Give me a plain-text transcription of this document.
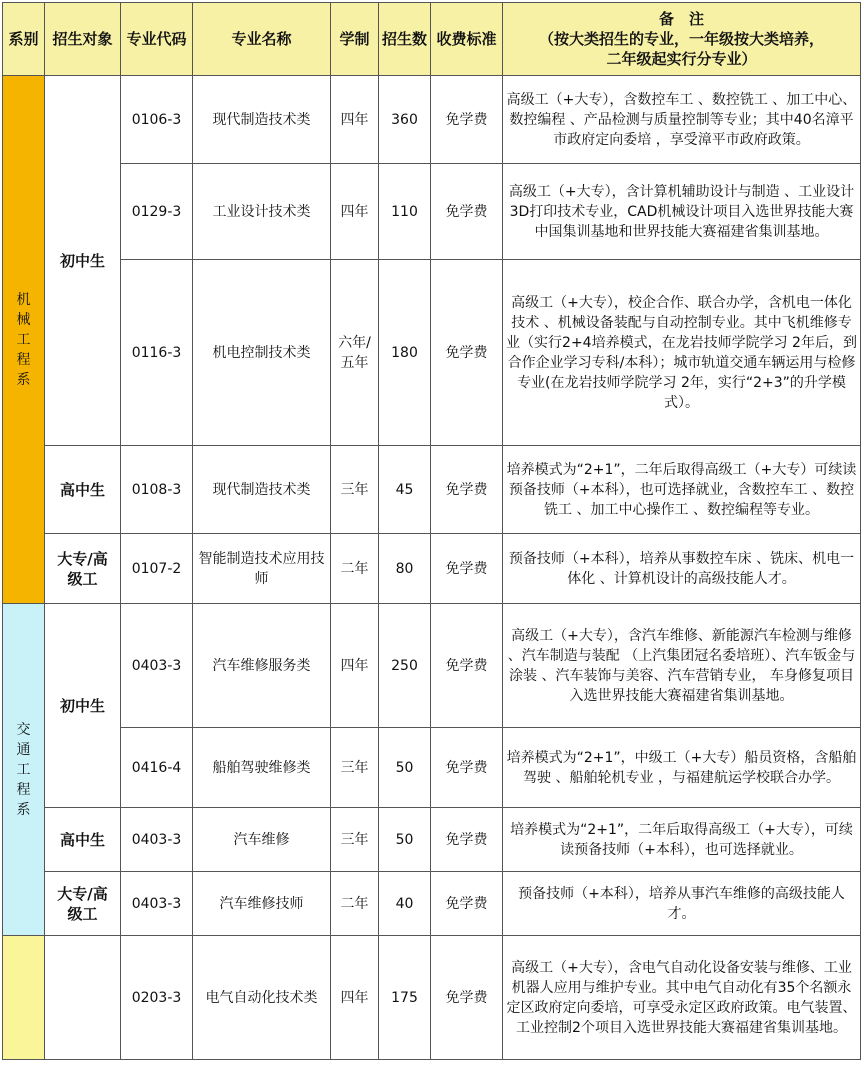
系别	招生对象	专业代码	专业名称	学制	招生数	收费标准	备　注
（按大类招生的专业，一年级按大类培养，
二年级起实行分专业）

机械工程系	初中生	0106-3	现代制造技术类	四年	360	免学费	高级工（+大专），含数控车工 、数控铣工 、加工中心、数控编程 、产品检测与质量控制等专业；其中40名漳平市政府定向委培 ，享受漳平市政府政策。
		0129-3	工业设计技术类	四年	110	免学费	高级工（+大专），含计算机辅助设计与制造 、工业设计3D打印技术专业，CAD机械设计项目入选世界技能大赛中国集训基地和世界技能大赛福建省集训基地。
		0116-3	机电控制技术类	六年/五年	180	免学费	高级工（+大专），校企合作、联合办学，含机电一体化技术 、机械设备装配与自动控制专业。其中飞机维修专业（实行2+4培养模式，在龙岩技师学院学习 2年后，到合作企业学习专科/本科）；城市轨道交通车辆运用与检修专业(在龙岩技师学院学习 2年，实行“2+3”的升学模式）。
	高中生	0108-3	现代制造技术类	三年	45	免学费	培养模式为“2+1”，二年后取得高级工（+大专）可续读预备技师（+本科），也可选择就业，含数控车工 、数控铣工 、加工中心操作工 、数控编程等专业。
	大专/高级工	0107-2	智能制造技术应用技师	二年	80	免学费	预备技师（+本科），培养从事数控车床 、铣床、机电一体化 、计算机设计的高级技能人才。
交通工程系	初中生	0403-3	汽车维修服务类	四年	250	免学费	高级工（+大专），含汽车维修、新能源汽车检测与维修 、汽车制造与装配 （上汽集团冠名委培班）、汽车钣金与涂装 、汽车装饰与美容、汽车营销专业， 车身修复项目入选世界技能大赛福建省集训基地。
		0416-4	船舶驾驶维修类	三年	50	免学费	培养模式为“2+1”，中级工（+大专）船员资格，含船舶驾驶 、船舶轮机专业 ，与福建航运学校联合办学。
	高中生	0403-3	汽车维修	三年	50	免学费	培养模式为“2+1”，二年后取得高级工（+大专），可续读预备技师（+本科），也可选择就业。
	大专/高级工	0403-3	汽车维修技师	二年	40	免学费	预备技师（+本科），培养从事汽车维修的高级技能人才。
		0203-3	电气自动化技术类	四年	175	免学费	高级工（+大专），含电气自动化设备安装与维修、工业机器人应用与维护专业。其中电气自动化有35个名额永定区政府定向委培，可享受永定区政府政策。电气装置、工业控制2个项目入选世界技能大赛福建省集训基地。
